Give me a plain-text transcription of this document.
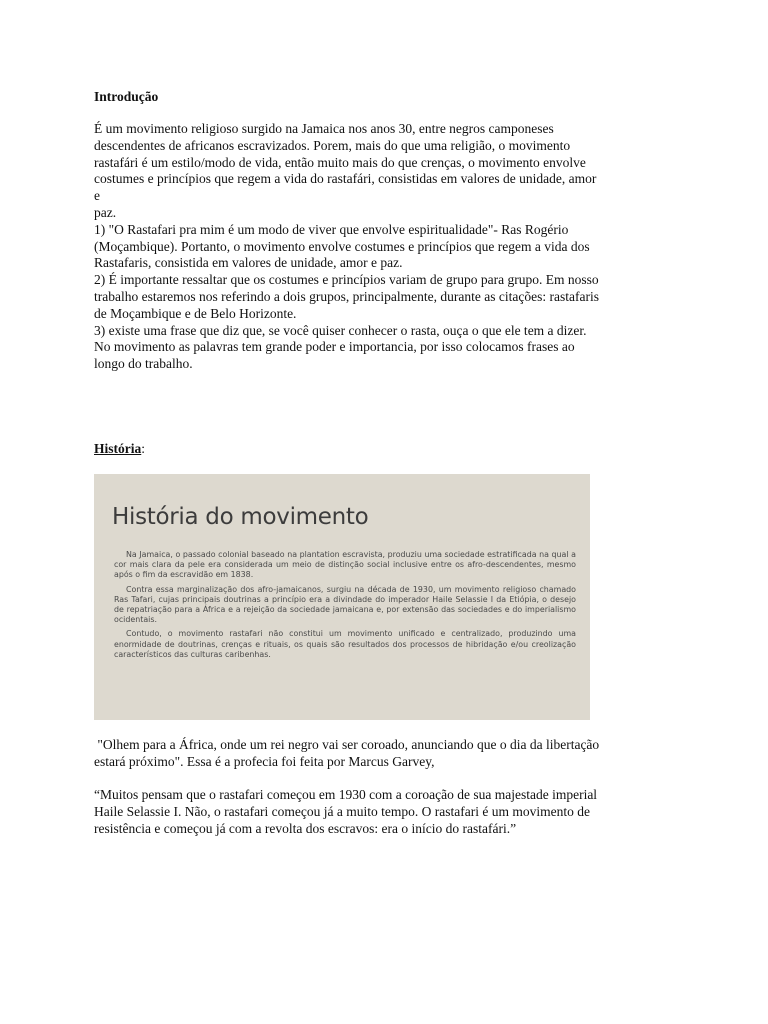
Introdução

É um movimento religioso surgido na Jamaica nos anos 30, entre negros camponeses
descendentes de africanos escravizados. Porem, mais do que uma religião, o movimento
rastafári é um estilo/modo de vida, então muito mais do que crenças, o movimento envolve
costumes e princípios que regem a vida do rastafári, consistidas em valores de unidade, amor
e
paz.
1) "O Rastafari pra mim é um modo de viver que envolve espiritualidade"- Ras Rogério
(Moçambique). Portanto, o movimento envolve costumes e princípios que regem a vida dos
Rastafaris, consistida em valores de unidade, amor e paz.
2) É importante ressaltar que os costumes e princípios variam de grupo para grupo. Em nosso
trabalho estaremos nos referindo a dois grupos, principalmente, durante as citações: rastafaris
de Moçambique e de Belo Horizonte.
3) existe uma frase que diz que, se você quiser conhecer o rasta, ouça o que ele tem a dizer.
No movimento as palavras tem grande poder e importancia, por isso colocamos frases ao
longo do trabalho.

História:
História do movimento
Na Jamaica, o passado colonial baseado na plantation escravista, produziu uma sociedade estratificada na qual a cor mais clara da pele era considerada um meio de distinção social inclusive entre os afro-descendentes, mesmo após o fim da escravidão em 1838.
Contra essa marginalização dos afro-jamaicanos, surgiu na década de 1930, um movimento religioso chamado Ras Tafari, cujas principais doutrinas a princípio era a divindade do imperador Haile Selassie I da Etiópia, o desejo de repatriação para a África e a rejeição da sociedade jamaicana e, por extensão das sociedades e do imperialismo ocidentais.
Contudo, o movimento rastafari não constitui um movimento unificado e centralizado, produzindo uma enormidade de doutrinas, crenças e rituais, os quais são resultados dos processos de hibridação e/ou creolização característicos das culturas caribenhas.

"Olhem para a África, onde um rei negro vai ser coroado, anunciando que o dia da libertação
estará próximo". Essa é a profecia foi feita por Marcus Garvey,

“Muitos pensam que o rastafari começou em 1930 com a coroação de sua majestade imperial
Haile Selassie I. Não, o rastafari começou já a muito tempo. O rastafari é um movimento de
resistência e começou já com a revolta dos escravos: era o início do rastafári.”
